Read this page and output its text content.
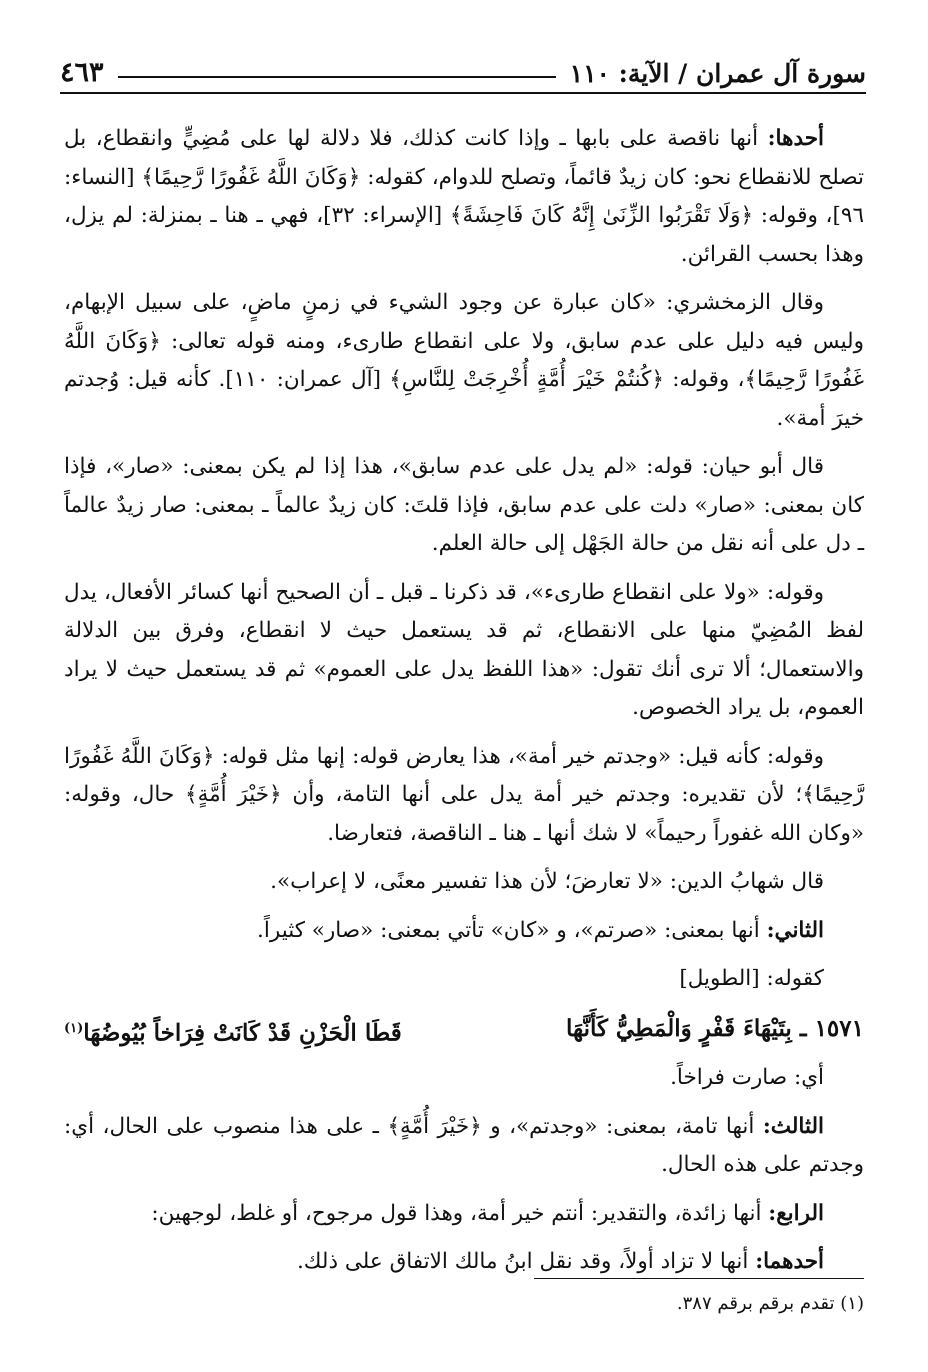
سورة آل عمران / الآية: ١١٠
٤٦٣

أحدها: أنها ناقصة على بابها ـ وإذا كانت كذلك، فلا دلالة لها على مُضِيٍّ وانقطاع، بل تصلح للانقطاع نحو: كان زيدٌ قائماً، وتصلح للدوام، كقوله: ﴿وَكَانَ اللَّهُ غَفُورًا رَّحِيمًا﴾ [النساء: ٩٦]، وقوله: ﴿وَلَا تَقْرَبُوا الزِّنَىٰ إِنَّهُ كَانَ فَاحِشَةً﴾ [الإسراء: ٣٢]، فهي ـ هنا ـ بمنزلة: لم يزل، وهذا بحسب القرائن.

وقال الزمخشري: «كان عبارة عن وجود الشيء في زمنٍ ماضٍ، على سبيل الإبهام، وليس فيه دليل على عدم سابق، ولا على انقطاع طارىء، ومنه قوله تعالى: ﴿وَكَانَ اللَّهُ غَفُورًا رَّحِيمًا﴾، وقوله: ﴿كُنتُمْ خَيْرَ أُمَّةٍ أُخْرِجَتْ لِلنَّاسِ﴾ [آل عمران: ١١٠]. كأنه قيل: وُجدتم خيرَ أمة».

قال أبو حيان: قوله: «لم يدل على عدم سابق»، هذا إذا لم يكن بمعنى: «صار»، فإذا كان بمعنى: «صار» دلت على عدم سابق، فإذا قلتَ: كان زيدٌ عالماً ـ بمعنى: صار زيدٌ عالماً ـ دل على أنه نقل من حالة الجَهْل إلى حالة العلم.

وقوله: «ولا على انقطاع طارىء»، قد ذكرنا ـ قبل ـ أن الصحيح أنها كسائر الأفعال، يدل لفظ المُضِيّ منها على الانقطاع، ثم قد يستعمل حيث لا انقطاع، وفرق بين الدلالة والاستعمال؛ ألا ترى أنك تقول: «هذا اللفظ يدل على العموم» ثم قد يستعمل حيث لا يراد العموم، بل يراد الخصوص.

وقوله: كأنه قيل: «وجدتم خير أمة»، هذا يعارض قوله: إنها مثل قوله: ﴿وَكَانَ اللَّهُ غَفُورًا رَّحِيمًا﴾؛ لأن تقديره: وجدتم خير أمة يدل على أنها التامة، وأن ﴿خَيْرَ أُمَّةٍ﴾ حال، وقوله: «وكان الله غفوراً رحيماً» لا شك أنها ـ هنا ـ الناقصة، فتعارضا.

قال شهابُ الدين: «لا تعارضَ؛ لأن هذا تفسير معنًى، لا إعراب».

الثاني: أنها بمعنى: «صرتم»، و «كان» تأتي بمعنى: «صار» كثيراً.

كقوله: [الطويل]

١٥٧١ ـ بِتَيْهَاءَ قَفْرٍ وَالْمَطِيُّ كَأَنَّهَا
قَطَا الْحَزْنِ قَدْ كَانَتْ فِرَاخاً بُيُوضُهَا$^{(١)}$

أي: صارت فراخاً.

الثالث: أنها تامة، بمعنى: «وجدتم»، و ﴿خَيْرَ أُمَّةٍ﴾ ـ على هذا منصوب على الحال، أي: وجدتم على هذه الحال.

الرابع: أنها زائدة، والتقدير: أنتم خير أمة، وهذا قول مرجوح، أو غلط، لوجهين:

أحدهما: أنها لا تزاد أولاً، وقد نقل ابنُ مالك الاتفاق على ذلك.

(١) تقدم برقم برقم ٣٨٧.
